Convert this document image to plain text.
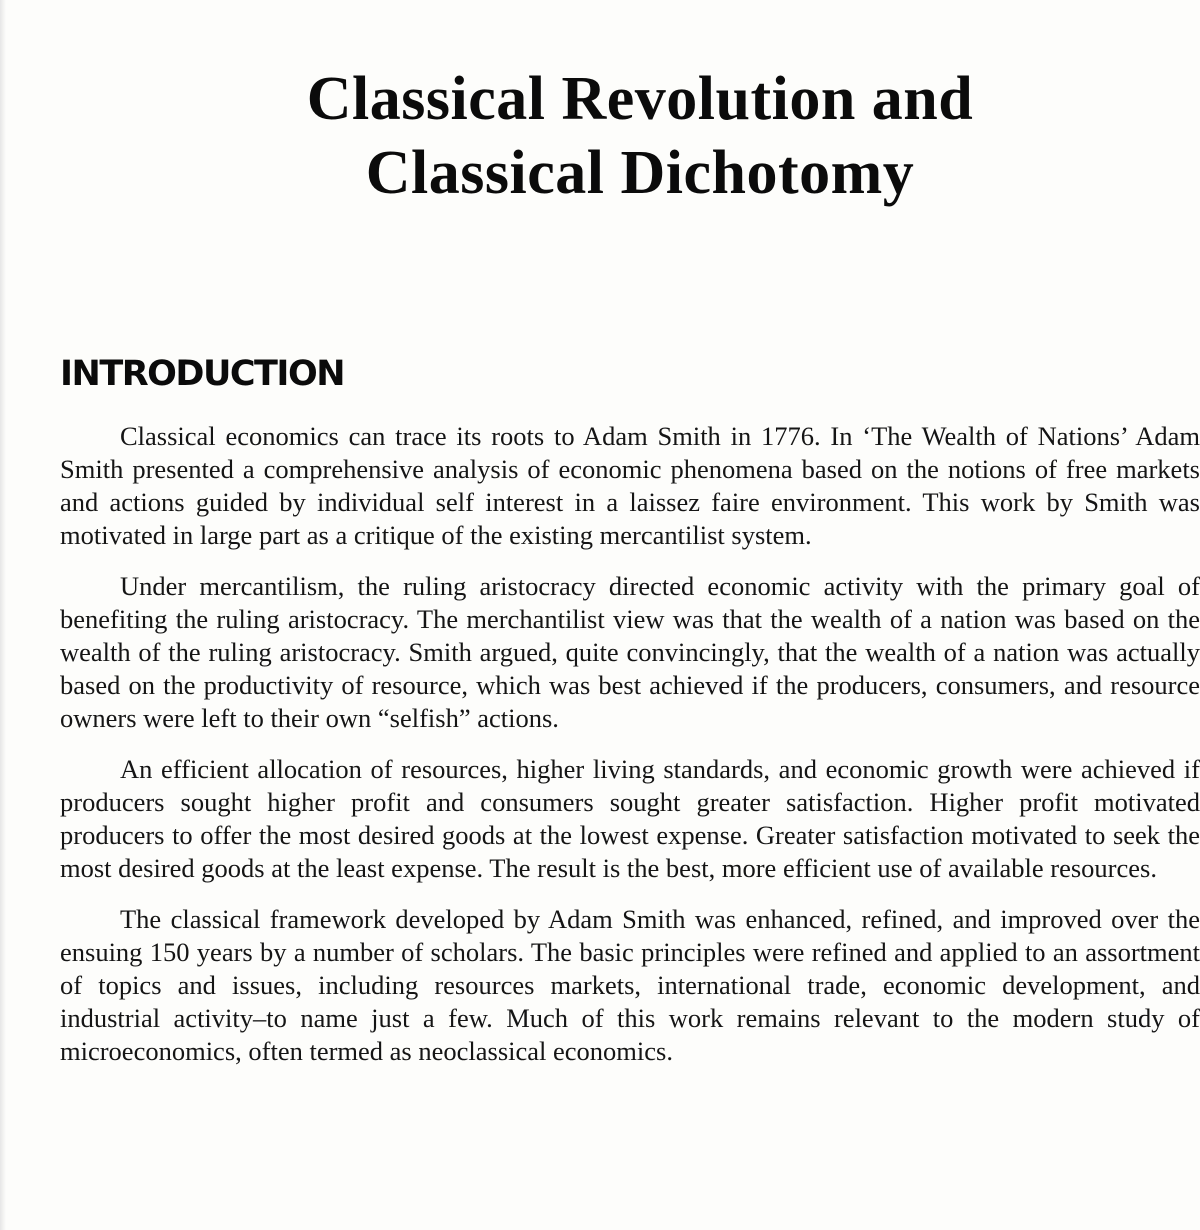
Classical Revolution and
Classical Dichotomy
INTRODUCTION

Classical economics can trace its roots to Adam Smith in 1776. In ‘The Wealth of Nations’ Adam Smith presented a comprehensive analysis of economic phenomena based on the notions of free markets and actions guided by individual self interest in a laissez faire environment. This work by Smith was motivated in large part as a critique of the existing mercantilist system.

Under mercantilism, the ruling aristocracy directed economic activity with the primary goal of benefiting the ruling aristocracy. The merchantilist view was that the wealth of a nation was based on the wealth of the ruling aristocracy. Smith argued, quite convincingly, that the wealth of a nation was actually based on the productivity of resource, which was best achieved if the producers, consumers, and resource owners were left to their own “selfish” actions.

An efficient allocation of resources, higher living standards, and economic growth were achieved if producers sought higher profit and consumers sought greater satisfaction. Higher profit motivated producers to offer the most desired goods at the lowest expense. Greater satisfaction motivated to seek the most desired goods at the least expense. The result is the best, more efficient use of available resources.

The classical framework developed by Adam Smith was enhanced, refined, and improved over the ensuing 150 years by a number of scholars. The basic principles were refined and applied to an assortment of topics and issues, including resources markets, international trade, economic development, and industrial activity–to name just a few. Much of this work remains relevant to the modern study of microeconomics, often termed as neoclassical economics.
